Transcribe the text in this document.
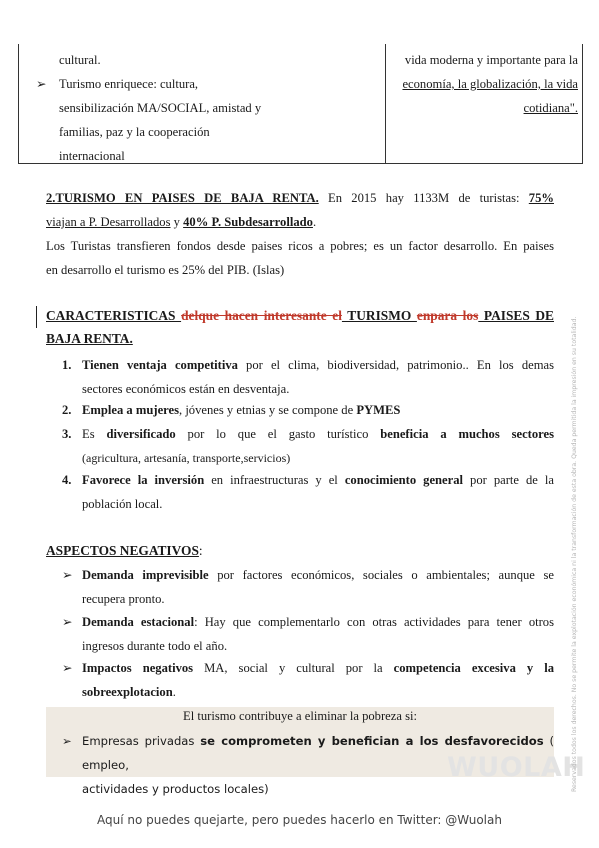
cultural.
➢ Turismo enriquece: cultura,
sensibilización MA/SOCIAL, amistad y
familias, paz y la cooperación
internacional
vida moderna y importante para la
economía, la globalización, la vida
cotidiana".
2.TURISMO EN PAISES DE BAJA RENTA. En 2015 hay 1133M de turistas: 75%
viajan a P. Desarrollados y 40% P. Subdesarrollado.
Los Turistas transfieren fondos desde paises ricos a pobres; es un factor desarrollo. En paises
en desarrollo el turismo es 25% del PIB. (Islas)
CARACTERISTICAS delque hacen interesante el TURISMO enpara los PAISES DE
BAJA RENTA.
1. Tienen ventaja competitiva por el clima, biodiversidad, patrimonio.. En los demas
sectores económicos están en desventaja.
2. Emplea a mujeres, jóvenes y etnias y se compone de PYMES
3. Es diversificado por lo que el gasto turístico beneficia a muchos sectores
(agricultura, artesanía, transporte,servicios)
4. Favorece la inversión en infraestructuras y el conocimiento general por parte de la
población local.
ASPECTOS NEGATIVOS:
➢ Demanda imprevisible por factores económicos, sociales o ambientales; aunque se
recupera pronto.
➢ Demanda estacional: Hay que complementarlo con otras actividades para tener otros
ingresos durante todo el año.
➢ Impactos negativos MA, social y cultural por la competencia excesiva y la
sobreexplotacion.
El turismo contribuye a eliminar la pobreza si:
➢ Empresas privadas se comprometen y benefician a los desfavorecidos ( empleo,
actividades y productos locales)
WUOLAH
Reservados todos los derechos. No se permite la explotación económica ni la transformación de esta obra. Queda permitida la impresión en su totalidad.
Aquí no puedes quejarte, pero puedes hacerlo en Twitter: @Wuolah
